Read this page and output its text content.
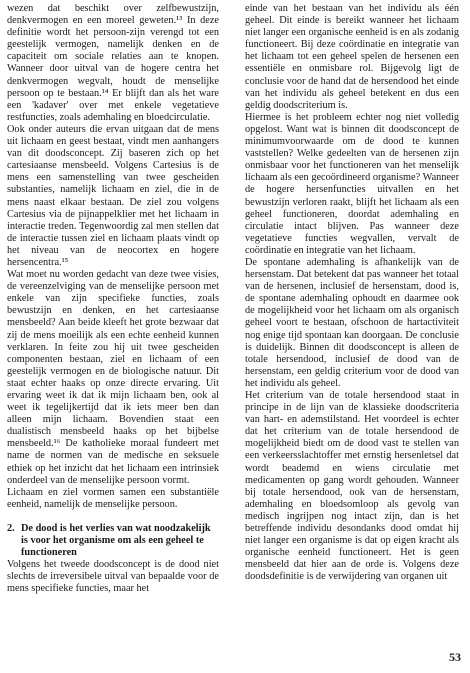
wezen dat beschikt over zelfbewustzijn, denkvermogen en een moreel geweten.¹³ In deze definitie wordt het persoon-zijn verengd tot een geestelijk vermogen, namelijk denken en de capaciteit om sociale relaties aan te knopen. Wanneer door uitval van de hogere centra het denkvermogen wegvalt, houdt de menselijke persoon op te bestaan.¹⁴ Er blijft dan als het ware een 'kadaver' over met enkele vegetatieve restfuncties, zoals ademhaling en bloedcirculatie.

Ook onder auteurs die ervan uitgaan dat de mens uit lichaam en geest bestaat, vindt men aanhangers van dit doodsconcept. Zij baseren zich op het cartesiaanse mensbeeld. Volgens Cartesius is de mens een samenstelling van twee gescheiden substanties, namelijk lichaam en ziel, die in de mens naast elkaar bestaan. De ziel zou volgens Cartesius via de pijnappelklier met het lichaam in interactie treden. Tegenwoordig zal men stellen dat de interactie tussen ziel en lichaam plaats vindt op het niveau van de neocortex en hogere hersencentra.¹⁵

Wat moet nu worden gedacht van deze twee visies, de vereenzelviging van de menselijke persoon met enkele van zijn specifieke functies, zoals bewustzijn en denken, en het cartesiaanse mensbeeld? Aan beide kleeft het grote bezwaar dat zij de mens moeilijk als een echte eenheid kunnen verklaren. In feite zou hij uit twee gescheiden componenten bestaan, ziel en lichaam of een geestelijk vermogen en de biologische natuur. Dit staat echter haaks op onze directe ervaring. Uit ervaring weet ik dat ik mijn lichaam ben, ook al weet ik tegelijkertijd dat ik iets meer ben dan alleen mijn lichaam. Bovendien staat een dualistisch mensbeeld haaks op het bijbelse mensbeeld.¹⁶ De katholieke moraal fundeert met name de normen van de medische en seksuele ethiek op het inzicht dat het lichaam een intrinsiek onderdeel van de menselijke persoon vormt.

Lichaam en ziel vormen samen een substantiële eenheid, namelijk de menselijke persoon.

2. De dood is het verlies van wat noodzakelijk is voor het organisme om als een geheel te functioneren

Volgens het tweede doodsconcept is de dood niet slechts de irreversibele uitval van bepaalde voor de mens specifieke functies, maar het

einde van het bestaan van het individu als één geheel. Dit einde is bereikt wanneer het lichaam niet langer een organische eenheid is en als zodanig functioneert. Bij deze coördinatie en integratie van het lichaam tot een geheel spelen de hersenen een essentiële en onmisbare rol. Bijgevolg ligt de conclusie voor de hand dat de hersendood het einde van het individu als geheel betekent en dus een geldig doodscriterium is.

Hiermee is het probleem echter nog niet volledig opgelost. Want wat is binnen dit doodsconcept de minimumvoorwaarde om de dood te kunnen vaststellen? Welke gedeelten van de hersenen zijn onmisbaar voor het functioneren van het menselijk lichaam als een gecoördineerd organisme? Wanneer de hogere hersenfuncties uitvallen en het bewustzijn verloren raakt, blijft het lichaam als een geheel functioneren, doordat ademhaling en circulatie intact blijven. Pas wanneer deze vegetatieve functies wegvallen, vervalt de coördinatie en integratie van het lichaam.

De spontane ademhaling is afhankelijk van de hersenstam. Dat betekent dat pas wanneer het totaal van de hersenen, inclusief de hersenstam, dood is, de spontane ademhaling ophoudt en daarmee ook de mogelijkheid voor het lichaam om als organisch geheel voort te bestaan, ofschoon de hartactiviteit nog enige tijd spontaan kan doorgaan. De conclusie is duidelijk. Binnen dit doodsconcept is alleen de totale hersendood, inclusief de dood van de hersenstam, een geldig criterium voor de dood van het individu als geheel.

Het criterium van de totale hersendood staat in principe in de lijn van de klassieke doodscriteria van hart- en ademstilstand. Het voordeel is echter dat het criterium van de totale hersendood de mogelijkheid biedt om de dood vast te stellen van een verkeersslachtoffer met ernstig hersenletsel dat wordt beademd en wiens circulatie met medicamenten op gang wordt gehouden. Wanneer bij totale hersendood, ook van de hersenstam, ademhaling en bloedsomloop als gevolg van medisch ingrijpen nog intact zijn, dan is het betreffende individu desondanks dood omdat hij niet langer een organisme is dat op eigen kracht als organische eenheid functioneert. Het is geen mensbeeld dat hier aan de orde is. Volgens deze doodsdefinitie is de verwijdering van organen uit

53
